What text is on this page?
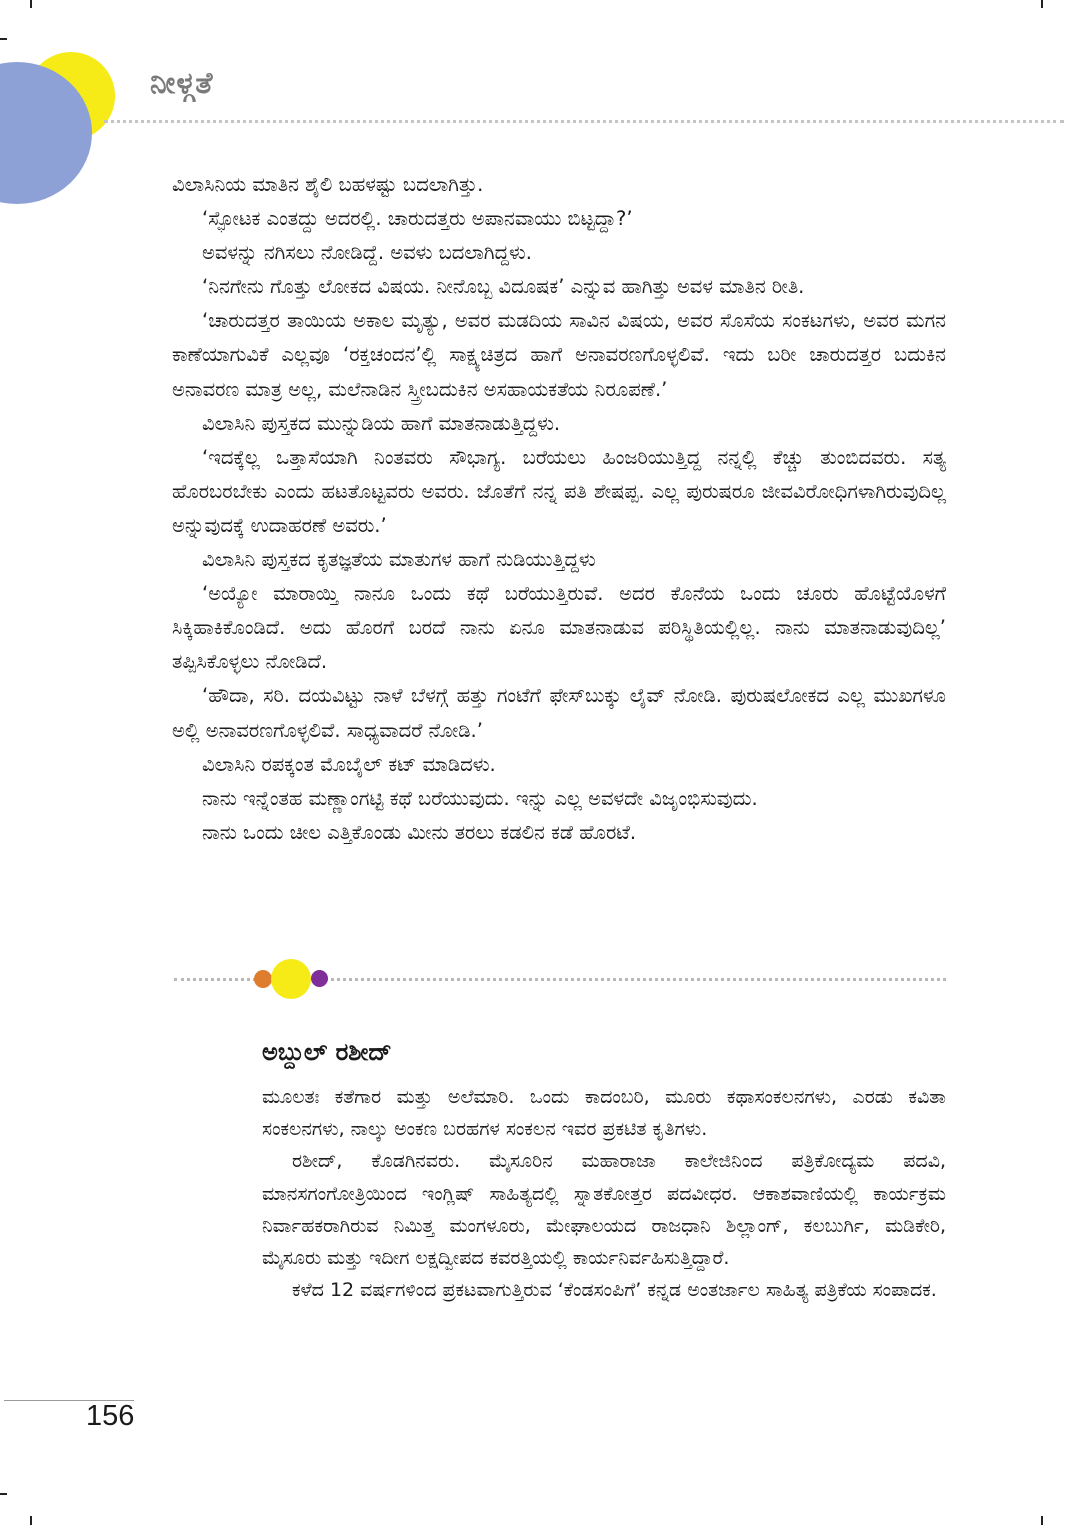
ನೀಳ್ಗತೆ

ವಿಲಾಸಿನಿಯ ಮಾತಿನ ಶೈಲಿ ಬಹಳಷ್ಟು ಬದಲಾಗಿತ್ತು.

‘ಸ್ಫೋಟಕ ಎಂತದ್ದು ಅದರಲ್ಲಿ. ಚಾರುದತ್ತರು ಅಪಾನವಾಯು ಬಿಟ್ಟದ್ದಾ?’

ಅವಳನ್ನು ನಗಿಸಲು ನೋಡಿದ್ದೆ. ಅವಳು ಬದಲಾಗಿದ್ದಳು.

‘ನಿನಗೇನು ಗೊತ್ತು ಲೋಕದ ವಿಷಯ. ನೀನೊಬ್ಬ ವಿದೂಷಕ’ ಎನ್ನುವ ಹಾಗಿತ್ತು ಅವಳ ಮಾತಿನ ರೀತಿ.

‘ಚಾರುದತ್ತರ ತಾಯಿಯ ಅಕಾಲ ಮೃತ್ಯು, ಅವರ ಮಡದಿಯ ಸಾವಿನ ವಿಷಯ, ಅವರ ಸೊಸೆಯ ಸಂಕಟಗಳು, ಅವರ ಮಗನ ಕಾಣೆಯಾಗುವಿಕೆ ಎಲ್ಲವೂ ‘ರಕ್ತಚಂದನ’ಲ್ಲಿ ಸಾಕ್ಷ್ಯಚಿತ್ರದ ಹಾಗೆ ಅನಾವರಣಗೊಳ್ಳಲಿವೆ. ಇದು ಬರೀ ಚಾರುದತ್ತರ ಬದುಕಿನ ಅನಾವರಣ ಮಾತ್ರ ಅಲ್ಲ, ಮಲೆನಾಡಿನ ಸ್ತ್ರೀಬದುಕಿನ ಅಸಹಾಯಕತೆಯ ನಿರೂಪಣೆ.’

ವಿಲಾಸಿನಿ ಪುಸ್ತಕದ ಮುನ್ನುಡಿಯ ಹಾಗೆ ಮಾತನಾಡುತ್ತಿದ್ದಳು.

‘ಇದಕ್ಕೆಲ್ಲ ಒತ್ತಾಸೆಯಾಗಿ ನಿಂತವರು ಸೌಭಾಗ್ಯ. ಬರೆಯಲು ಹಿಂಜರಿಯುತ್ತಿದ್ದ ನನ್ನಲ್ಲಿ ಕೆಚ್ಚು ತುಂಬಿದವರು. ಸತ್ಯ ಹೊರಬರಬೇಕು ಎಂದು ಹಟತೊಟ್ಟವರು ಅವರು. ಜೊತೆಗೆ ನನ್ನ ಪತಿ ಶೇಷಪ್ಪ. ಎಲ್ಲ ಪುರುಷರೂ ಜೀವವಿರೋಧಿಗಳಾಗಿರುವುದಿಲ್ಲ ಅನ್ನುವುದಕ್ಕೆ ಉದಾಹರಣೆ ಅವರು.’

ವಿಲಾಸಿನಿ ಪುಸ್ತಕದ ಕೃತಜ್ಞತೆಯ ಮಾತುಗಳ ಹಾಗೆ ನುಡಿಯುತ್ತಿದ್ದಳು

‘ಅಯ್ಯೋ ಮಾರಾಯ್ತಿ ನಾನೂ ಒಂದು ಕಥೆ ಬರೆಯುತ್ತಿರುವೆ. ಅದರ ಕೊನೆಯ ಒಂದು ಚೂರು ಹೊಟ್ಟೆಯೊಳಗೆ ಸಿಕ್ಕಿಹಾಕಿಕೊಂಡಿದೆ. ಅದು ಹೊರಗೆ ಬರದೆ ನಾನು ಏನೂ ಮಾತನಾಡುವ ಪರಿಸ್ಥಿತಿಯಲ್ಲಿಲ್ಲ. ನಾನು ಮಾತನಾಡುವುದಿಲ್ಲ’ ತಪ್ಪಿಸಿಕೊಳ್ಳಲು ನೋಡಿದೆ.

‘ಹೌದಾ, ಸರಿ. ದಯವಿಟ್ಟು ನಾಳೆ ಬೆಳಗ್ಗೆ ಹತ್ತು ಗಂಟೆಗೆ ಫೇಸ್‌ಬುಕ್ಕು ಲೈವ್ ನೋಡಿ. ಪುರುಷಲೋಕದ ಎಲ್ಲ ಮುಖಗಳೂ ಅಲ್ಲಿ ಅನಾವರಣಗೊಳ್ಳಲಿವೆ. ಸಾಧ್ಯವಾದರೆ ನೋಡಿ.’

ವಿಲಾಸಿನಿ ರಪಕ್ಕಂತ ಮೊಬೈಲ್ ಕಟ್ ಮಾಡಿದಳು.

ನಾನು ಇನ್ನೆಂತಹ ಮಣ್ಣಾಂಗಟ್ಟಿ ಕಥೆ ಬರೆಯುವುದು. ಇನ್ನು ಎಲ್ಲ ಅವಳದೇ ವಿಜೃಂಭಿಸುವುದು.

ನಾನು ಒಂದು ಚೀಲ ಎತ್ತಿಕೊಂಡು ಮೀನು ತರಲು ಕಡಲಿನ ಕಡೆ ಹೊರಟೆ.

ಅಬ್ದುಲ್ ರಶೀದ್

ಮೂಲತಃ ಕತೆಗಾರ ಮತ್ತು ಅಲೆಮಾರಿ. ಒಂದು ಕಾದಂಬರಿ, ಮೂರು ಕಥಾಸಂಕಲನಗಳು, ಎರಡು ಕವಿತಾ ಸಂಕಲನಗಳು, ನಾಲ್ಕು ಅಂಕಣ ಬರಹಗಳ ಸಂಕಲನ ಇವರ ಪ್ರಕಟಿತ ಕೃತಿಗಳು.

ರಶೀದ್, ಕೊಡಗಿನವರು. ಮೈಸೂರಿನ ಮಹಾರಾಜಾ ಕಾಲೇಜಿನಿಂದ ಪತ್ರಿಕೋದ್ಯಮ ಪದವಿ, ಮಾನಸಗಂಗೋತ್ರಿಯಿಂದ ಇಂಗ್ಲಿಷ್ ಸಾಹಿತ್ಯದಲ್ಲಿ ಸ್ನಾತಕೋತ್ತರ ಪದವೀಧರ. ಆಕಾಶವಾಣಿಯಲ್ಲಿ ಕಾರ್ಯಕ್ರಮ ನಿರ್ವಾಹಕರಾಗಿರುವ ನಿಮಿತ್ತ ಮಂಗಳೂರು, ಮೇಘಾಲಯದ ರಾಜಧಾನಿ ಶಿಲ್ಲಾಂಗ್, ಕಲಬುರ್ಗಿ, ಮಡಿಕೇರಿ, ಮೈಸೂರು ಮತ್ತು ಇದೀಗ ಲಕ್ಷದ್ವೀಪದ ಕವರತ್ತಿಯಲ್ಲಿ ಕಾರ್ಯನಿರ್ವಹಿಸುತ್ತಿದ್ದಾರೆ.

ಕಳೆದ 12 ವರ್ಷಗಳಿಂದ ಪ್ರಕಟವಾಗುತ್ತಿರುವ ‘ಕೆಂಡಸಂಪಿಗೆ’ ಕನ್ನಡ ಅಂತರ್ಜಾಲ ಸಾಹಿತ್ಯ ಪತ್ರಿಕೆಯ ಸಂಪಾದಕ.

156
